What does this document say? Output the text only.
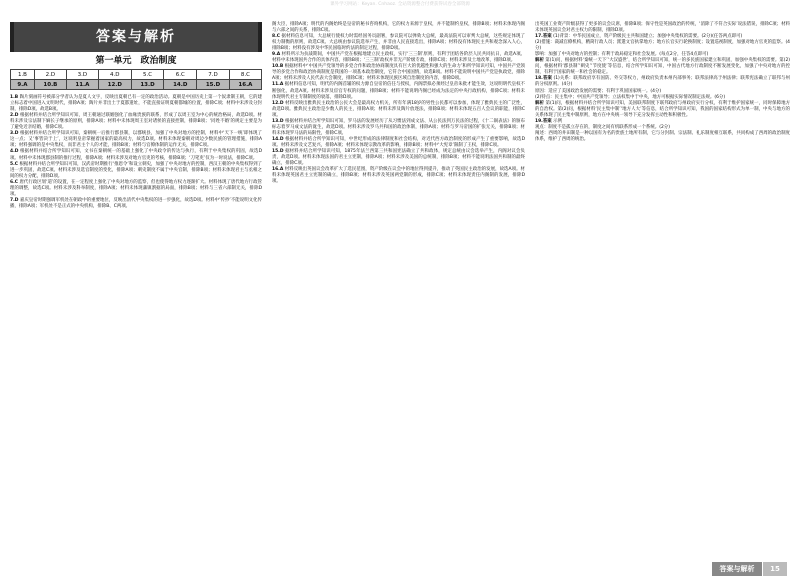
课外学习网站：Keyan. Cnhaoz. 全站资源整合付费获得试卷全部资源
答案与解析
第一单元　政治制度
1.B	2.D	3.D	4.D	5.C	6.C	7.D	8.C
9.A	10.B	11.A	12.D	13.D	14.D	15.D	16.A

1.B 陶片刻画符号被部分学者认为是夏人文字，反映出夏朝已有一定的政治活动。夏朝是中国历史上第一个奴隶制王朝，它的建立标志着中国进入文明时代，排除A项；陶片并非出土于夏都遗址，不能直接证明夏朝都城的位置，排除C项；材料中未涉及分封制，排除D项。故选B项。

2.D 根据材料并结合所学知识可知，周王朝通过联姻强化了血缘贵族的联系，形成了以周王室为中心的统治格局，故选D项。材料未涉及宗法制下嫡长子继承的原则，排除A项；材料中未体现周王室对诸侯的直接控制，排除B项；‘同姓不婚’的规定主要是为了避免近亲结婚，排除C项。

3.D 根据材料并结合所学知识可知，秦朝统一后推行郡县制，以郡统县，加强了中央对地方的控制，材料中‘天下一统’即体现了这一点；又‘事皆决于上’，这说明皇帝掌握着国家的最高权力，故选D项。材料未体现秦朝对周边少数民族的管理措施，排除A项；材料强调的是中央集权，而非君主个人的才能，排除B项；材料与官僚体制的运作无关，排除C项。

4.D 根据材料并结合所学知识可知，文书在秦朝统一的基础上强化了中央政令的传达与执行，有利于中央集权的巩固，故选D项。材料中未体现郡县制的推行过程，排除A项；材料未涉及对地方官吏的考核，排除B项；‘刀笔吏’仅为一时说法，排除C项。

5.C 根据材料并结合所学知识可知，汉武帝时期推行‘推恩令’和设立刺史，加强了中央对地方的控制，西汉王朝的中央集权得到了进一步巩固，故选C项。材料未涉及选官制度的变化，排除A项；刺史制度不属于中央官制，排除B项；材料未体现君主与丞相之间的权力分配，排除D项。

6.C 唐代行政区划‘道’的设置，在一定程度上强化了中央对地方的监察，但也使得地方权力逐渐扩大。材料体现了唐代地方行政管理的调整，故选C项。材料未涉及科举制度，排除A项；材料未体现藩镇割据的局面，排除B项；材料与三省六部制无关，排除D项。

7.D 嘉庆皇帝时期强调军机处在朝政中的重要地位，反映出清代中央集权的进一步强化，故选D项。材料中‘传抄’不能说明文化传播，排除A项；军机处不是正式的中央机构，排除B、C两项。

阁大臣，排除A项；明代的内阁始终是皇帝的秘书咨询机构，它的权力来源于皇权，并不能制约皇权，排除B项；材料未体现内阁与六部之间的关系，排除C项。

8.C 据材料信息可知，大总统行使权力时需经国务员副署，参议院可以弹劾大总统，最高法院可以审判大总统，这些规定体现了权力制衡的原则，故选C项。大总统由参议院选举产生，并非由人民直接选出，排除A项；材料没有体现民主共和观念深入人心，排除B项；材料没有涉及中华民国临时约法的制定过程，排除D项。

9.A 材料所示为抗战期间，中国共产党在根据地建立民主政权，实行‘三三制’原则，有利于团结各阶层人民共同抗日，故选A项。材料中未体现国共合作的具体内容，排除B项；‘三三制’政权并非无产阶级专政，排除C项；材料未涉及土地改革，排除D项。

10.B 根据材料中‘中国共产党领导的多党合作和政治协商制度具有巨大的优越性和强大的生命力’和所学知识可知，中国共产党领导的多党合作和政治协商制度是我国的一项基本政治制度，它符合中国国情，故选B项。材料不能说明中国共产党是执政党，排除A项；材料未涉及人民代表大会制度，排除C项；材料未体现民族区域自治制度的内容，排除D项。

11.A 据材料信息可知，明代的内阁首辅的权力源自皇帝的信任与授权，内阁票拟必须经过皇帝朱批才能生效，这说明明代皇权不断强化，故选A项。材料未涉及宦官专权的问题，排除B项；材料不能说明内阁已经成为法定的中央行政机构，排除C项；材料未体现明代君主专制制度的衰落，排除D项。

12.D 材料反映出雅典民主政治的公民大会是最高权力机关，所有年满18岁的男性公民都可以参加，体现了雅典民主的广泛性，故选D项。雅典民主政治是少数人的民主，排除A项；材料未涉及陶片放逐法，排除B项；材料未体现五百人会议的职能，排除C项。

13.D 根据材料并结合所学知识可知，罗马法的发展经历了从习惯法到成文法、从公民法到万民法的过程，《十二铜表法》的颁布标志着罗马成文法的诞生，故选D项。材料未涉及罗马共和国的政治体制，排除A项；材料与罗马帝国的扩张无关，排除B项；材料未体现罗马法的局限性，排除C项。

14.D 根据材料并结合所学知识可知，中世纪形成的法律制度和社会结构，对近代西方政治制度的形成产生了重要影响，故选D项。材料未涉及文艺复兴，排除A项；材料未体现宗教改革的影响，排除B项；材料中‘大宪章’限制了王权，排除C项。

15.D 据材料并结合所学知识可知，1875年法兰西第三共和国宪法确立了共和政体，规定总统由议会选举产生，内阁对议会负责，故选D项。材料未体现法国的君主立宪制，排除A项；材料未涉及美国的总统制，排除B项；材料不能说明法国共和制的最终确立，排除C项。

16.A 材料反映出英国议会改革扩大了选民范围，资产阶级在议会中的地位得到提升，推动了英国民主政治的发展，故选A项。材料未体现英国君主立宪制的确立，排除B项；材料未涉及英国两党制的形成，排除C项；材料未体现责任内阁制的发展，排除D项。

出英国工业资产阶级获得了更多的议会议席，排除B项；保守性是英国政治的传统，‘消除了不符合实际’说法错误，排除C项；材料未体现英国议会对君主权力的限制，排除D项。

17.答案 (1)背景：中华民国成立，资产阶级民主共和国建立；加强中央集权的需要。(2分)(任答两点即可)

(2)措施：裁减官僚机构，精简行政人员；派遣文官执掌地方；地方长官实行轮换制度；设置巡视制度，加强对地方官吏的监察。(4分)

影响：加强了中央对地方的控制；有利于政局稳定和社会发展。(每点2分，任答4点即可)

解析 第(1)问，根据材料‘秦统一天下’‘大汉盛世’，结合所学知识可知，统一的多民族国家建立和巩固，加强中央集权的需要。第(2)问，根据材料‘郡县制’‘刺史’‘节度使’等信息，结合所学知识可知，中国古代地方行政制度不断发展变化，加强了中央对地方的控制，有利于国家的统一和社会的稳定。

18.答案 (1)关系：联邦政府享有国防、外交等权力，州政府负责本州内部事务；联邦法律高于州法律；联邦宪法确立了联邦与州的分权原则。(4分)

原因：适应了美国政治发展的需要；有利于巩固国家统一。(4分)

(2)特点：民主集中；中国共产党领导；立法权集中于中央，地方可根据实际情况制定法规。(6分)

解析 第(1)问，根据材料并结合所学知识可知，美国联邦制度下联邦政府与州政府实行分权，有利于维护国家统一，同时保障地方的自治权。第(2)问，根据材料‘民主集中制’‘地方人大’等信息，结合所学知识可知，我国的国家结构形式为单一制，中央与地方的关系体现了民主集中制原则，地方在中央统一领导下充分发挥主动性和积极性。

19.答案 示例

观点：制度不是孤立存在的，制度之间有机联系形成一个系统。(2分)

阐述：西周的井田制是一种以国有为名的贵族土地所有制，它与分封制、宗法制、礼乐制度相互联系，共同构成了西周的政治制度体系，维护了西周的统治。

答案与解析	15
